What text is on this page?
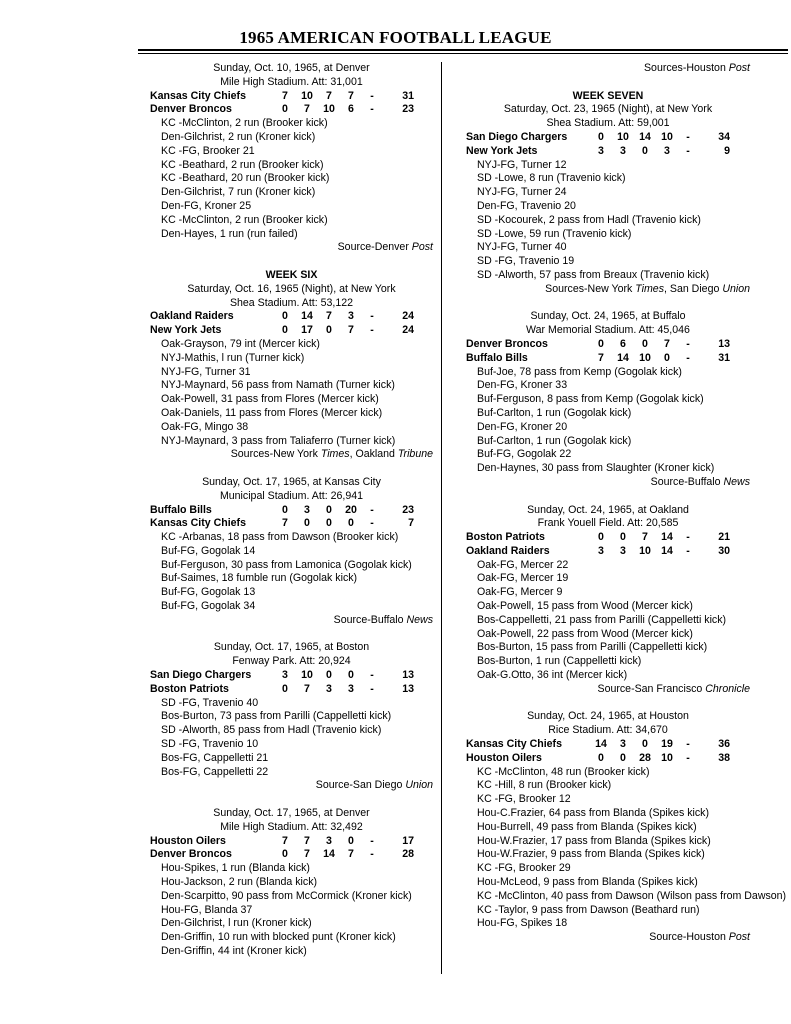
1965 AMERICAN FOOTBALL LEAGUE
Sunday, Oct. 10, 1965, at Denver
Mile High Stadium. Att: 31,001
Kansas City Chiefs	7	10	7	7	-	31
Denver Broncos	0	7	10	6	-	23
KC -McClinton, 2 run (Brooker kick)
Den-Gilchrist, 2 run (Kroner kick)
KC -FG, Brooker 21
KC -Beathard, 2 run (Brooker kick)
KC -Beathard, 20 run (Brooker kick)
Den-Gilchrist, 7 run (Kroner kick)
Den-FG, Kroner 25
KC -McClinton, 2 run (Brooker kick)
Den-Hayes, 1 run (run failed)
Source-Denver Post
WEEK SIX
Saturday, Oct. 16, 1965 (Night), at New York
Shea Stadium. Att: 53,122
Oakland Raiders	0	14	7	3	-	24
New York Jets	0	17	0	7	-	24
Oak-Grayson, 79 int (Mercer kick)
NYJ-Mathis, l run (Turner kick)
NYJ-FG, Turner 31
NYJ-Maynard, 56 pass from Namath (Turner kick)
Oak-Powell, 31 pass from Flores (Mercer kick)
Oak-Daniels, 11 pass from Flores (Mercer kick)
Oak-FG, Mingo 38
NYJ-Maynard, 3 pass from Taliaferro (Turner kick)
Sources-New York Times, Oakland Tribune
Sunday, Oct. 17, 1965, at Kansas City
Municipal Stadium. Att: 26,941
Buffalo Bills	0	3	0	20	-	23
Kansas City Chiefs	7	0	0	0	-	7
KC -Arbanas, 18 pass from Dawson (Brooker kick)
Buf-FG, Gogolak 14
Buf-Ferguson, 30 pass from Lamonica (Gogolak kick)
Buf-Saimes, 18 fumble run (Gogolak kick)
Buf-FG, Gogolak 13
Buf-FG, Gogolak 34
Source-Buffalo News
Sunday, Oct. 17, 1965, at Boston
Fenway Park. Att: 20,924
San Diego Chargers	3	10	0	0	-	13
Boston Patriots	0	7	3	3	-	13
SD -FG, Travenio 40
Bos-Burton, 73 pass from Parilli (Cappelletti kick)
SD -Alworth, 85 pass from Hadl (Travenio kick)
SD -FG, Travenio 10
Bos-FG, Cappelletti 21
Bos-FG, Cappelletti 22
Source-San Diego Union
Sunday, Oct. 17, 1965, at Denver
Mile High Stadium. Att: 32,492
Houston Oilers	7	7	3	0	-	17
Denver Broncos	0	7	14	7	-	28
Hou-Spikes, 1 run (Blanda kick)
Hou-Jackson, 2 run (Blanda kick)
Den-Scarpitto, 90 pass from McCormick (Kroner kick)
Hou-FG, Blanda 37
Den-Gilchrist, l run (Kroner kick)
Den-Griffin, 10 run with blocked punt (Kroner kick)
Den-Griffin, 44 int (Kroner kick)
Sources-Houston Post
WEEK SEVEN
Saturday, Oct. 23, 1965 (Night), at New York
Shea Stadium. Att: 59,001
San Diego Chargers	0	10 14 10	-	34
New York Jets	3	3	0	3	-	9
NYJ-FG, Turner 12
SD -Lowe, 8 run (Travenio kick)
NYJ-FG, Turner 24
Den-FG, Travenio 20
SD -Kocourek, 2 pass from Hadl (Travenio kick)
SD -Lowe, 59 run (Travenio kick)
NYJ-FG, Turner 40
SD -FG, Travenio 19
SD -Alworth, 57 pass from Breaux (Travenio kick)
Sources-New York Times, San Diego Union
Sunday, Oct. 24, 1965, at Buffalo
War Memorial Stadium. Att: 45,046
Denver Broncos	0	6	0	7	-	13
Buffalo Bills	7	14 10	0	-	31
Buf-Joe, 78 pass from Kemp (Gogolak kick)
Den-FG, Kroner 33
Buf-Ferguson, 8 pass from Kemp (Gogolak kick)
Buf-Carlton, 1 run (Gogolak kick)
Den-FG, Kroner 20
Buf-Carlton, 1 run (Gogolak kick)
Buf-FG, Gogolak 22
Den-Haynes, 30 pass from Slaughter (Kroner kick)
Source-Buffalo News
Sunday, Oct. 24, 1965, at Oakland
Frank Youell Field. Att: 20,585
Boston Patriots	0	0	7	14	-	21
Oakland Raiders	3	3	10 14	-	30
Oak-FG, Mercer 22
Oak-FG, Mercer 19
Oak-FG, Mercer 9
Oak-Powell, 15 pass from Wood (Mercer kick)
Bos-Cappelletti, 21 pass from Parilli (Cappelletti kick)
Oak-Powell, 22 pass from Wood (Mercer kick)
Bos-Burton, 15 pass from Parilli (Cappelletti kick)
Bos-Burton, 1 run (Cappelletti kick)
Oak-G.Otto, 36 int (Mercer kick)
Source-San Francisco Chronicle
Sunday, Oct. 24, 1965, at Houston
Rice Stadium. Att: 34,670
Kansas City Chiefs	14	3	0	19	-	36
Houston Oilers	0	0	28 10	-	38
KC -McClinton, 48 run (Brooker kick)
KC -Hill, 8 run (Brooker kick)
KC -FG, Brooker 12
Hou-C.Frazier, 64 pass from Blanda (Spikes kick)
Hou-Burrell, 49 pass from Blanda (Spikes kick)
Hou-W.Frazier, 17 pass from Blanda (Spikes kick)
Hou-W.Frazier, 9 pass from Blanda (Spikes kick)
KC -FG, Brooker 29
Hou-McLeod, 9 pass from Blanda (Spikes kick)
KC -McClinton, 40 pass from Dawson (Wilson pass from Dawson)
KC -Taylor, 9 pass from Dawson (Beathard run)
Hou-FG, Spikes 18
Source-Houston Post
